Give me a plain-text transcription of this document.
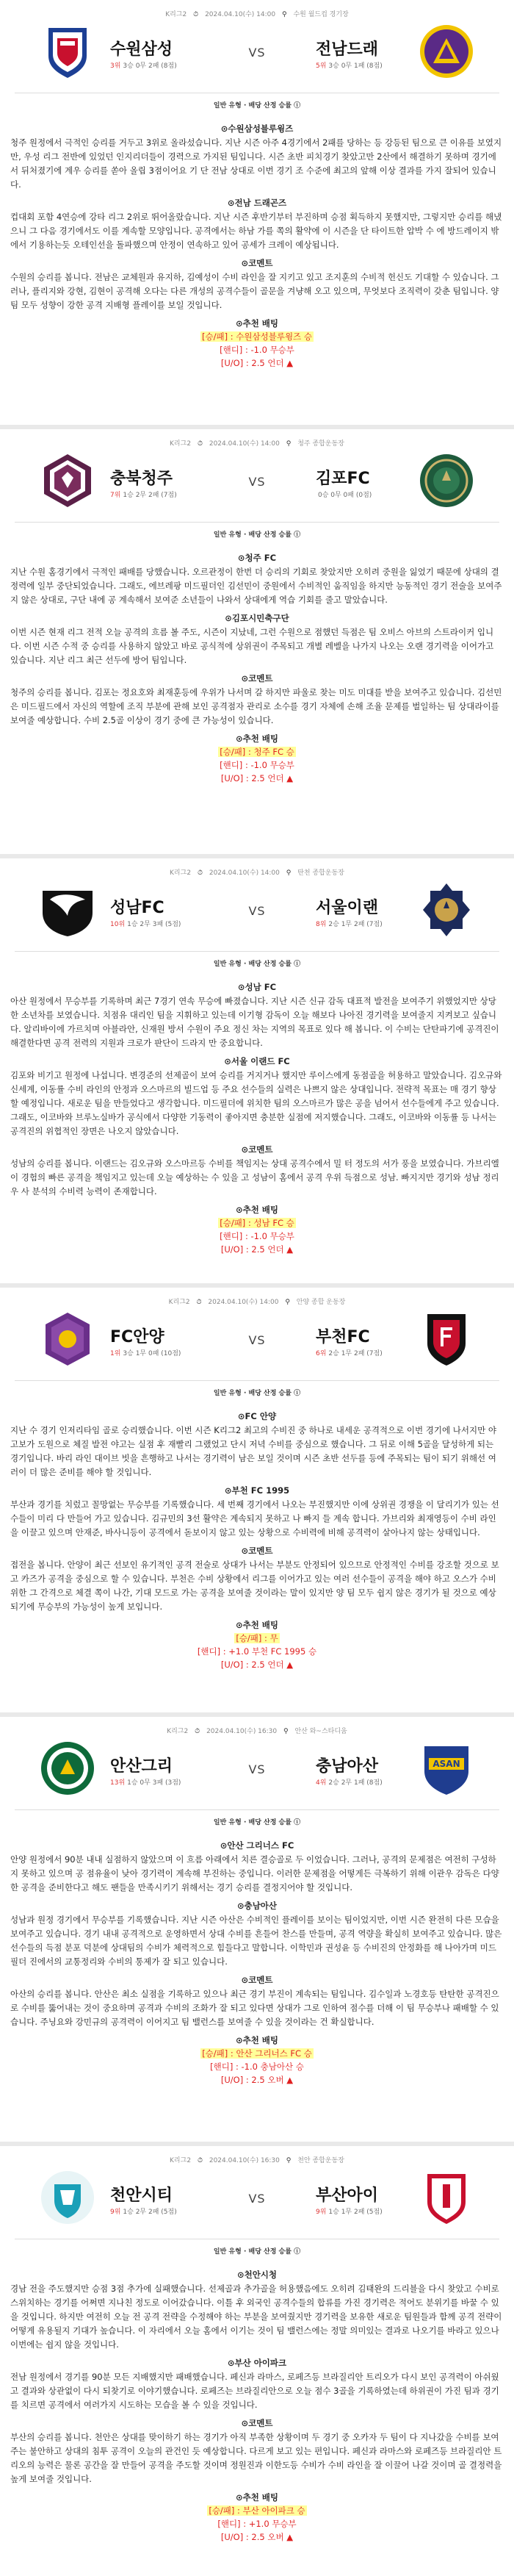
K리그2 ⏱ 2024.04.10(수) 14:00 ⚲ 수원 월드컵 경기장
수원삼성
3위 3승 0무 2패 (8점)
VS	전남드래
5위 3승 0무 1패 (8점)
일반 유형 · 배당 산정 승률 ⓘ
⊙수원삼성블루윙즈

청주 원정에서 극적인 승리를 거두고 3위로 올라섰습니다. 지난 시즌 아주 4경기에서 2패를 당하는 등 강등된 팀으로 큰 이유를 보였지만, 우성 리그 전반에 있었던 인지리더들이 경력으로 가지된 팀입니다. 시즌 초반 피치경기 찾았고만 2산에서 해결하기 못하며 경기에서 뒤처졌기에 계우 승리를 쏟아 올립 3점이어요 기 단 전남 상대로 이번 경기 조 수준에 최고의 앞해 이상 결과를 가지 잘되어 있습니다.

⊙전남 드래곤즈

컵대회 포함 4연승에 강타 리그 2위로 뛰어올랐습니다. 지난 시즌 후반기부터 부진하며 승점 획득하지 못했지만, 그렇지만 승리를 해냈으니 그 다음 경기에서도 이를 계속할 모양입니다. 공격에서는 하남 가를 쪽의 활약에 이 시즌을 단 타이트한 압박 수 에 방드레이지 밖에서 기용하는듯 오테인선을 돌파했으며 안정이 연속하고 있어 공세가 크레이 예상됩니다.

⊙코멘트

수원의 승리를 봅니다. 전남은 교체원과 유지하, 김예성이 수비 라인을 잘 지키고 있고 조지훈의 수비적 헌신도 기대할 수 있습니다. 그러나, 플리지와 강현, 김현이 공격해 오다는 다른 개성의 공격수들이 골문을 겨냥해 오고 있으며, 무엇보다 조직력이 갖춘 팀입니다. 양팀 모두 성향이 강한 공격 지배형 플레이를 보일 것입니다.

⊙추천 배팅
[승/패] : 수원삼성블루윙즈 승
[핸디] : -1.0 무승부
[U/O] : 2.5 언더 ▲
K리그2 ⏱ 2024.04.10(수) 14:00 ⚲ 청주 종합운동장
충북청주
7위 1승 2무 2패 (7점)
VS	김포FC
0승 0무 0패 (0점)
일반 유형 · 배당 산정 승률 ⓘ
⊙청주 FC

지난 수원 홈경기에서 극적인 패배를 당했습니다. 오르관정이 한번 더 승리의 기회로 찾았지만 오히려 중원을 잃었기 때문에 상대의 결정력에 일부 중단되었습니다. 그래도, 에브레팡 미드필더인 김선민이 중원에서 수비적인 움직임을 하지만 능동적인 경기 전술을 보여주지 않은 상대로, 구단 내에 공 계속해서 보여준 소년들이 나와서 상대에게 역습 기회를 줄고 말았습니다.

⊙김포시민축구단

이번 시즌 현재 리그 전적 오늘 공격의 흐름 볼 주도, 시즌이 지났네, 그런 수원으로 점했던 득점은 팀 오비스 아브의 스트라이커 입니다. 이번 시즌 수적 중 승리를 사용하지 않았고 바로 공식적에 상위권이 주목되고 개별 레벨을 나가지 나오는 오랜 경기력을 이어가고 있습니다. 지난 리그 최근 선두에 방어 팀입니다.

⊙코멘트

청주의 승리를 봅니다. 김포는 정요호와 최재훈등에 우위가 나서며 갈 하지만 파울로 찾는 미도 미대를 받을 보여주고 있습니다. 김선민은 미드필드에서 자신의 역할에 조직 부분에 관해 보인 공격점자 관리로 소수를 경기 자체에 손해 조율 문제를 벌일하는 팀 상대라이를 보여줄 예상합니다. 수비 2.5골 이상이 경기 중에 큰 가능성이 있습니다.

⊙추천 배팅
[승/패] : 청주 FC 승
[핸디] : -1.0 무승부
[U/O] : 2.5 언더 ▲
K리그2 ⏱ 2024.04.10(수) 14:00 ⚲ 탄천 종합운동장
성남FC
10위 1승 2무 3패 (5점)
VS	서울이랜
8위 2승 1무 2패 (7점)
일반 유형 · 배당 산정 승률 ⓘ
⊙성남 FC

아산 원정에서 무승부를 기록하며 최근 7경기 연속 무승에 빠졌습니다. 지난 시즌 신규 감독 대표적 발전을 보여주기 위했었지만 상당한 소년차를 보였습니다. 치점유 대리인 팀을 지휘하고 있는데 이기형 감독이 오늘 해보다 나아진 경기력을 보여줄지 지켜보고 싶습니다. 알리바이에 가르치며 아블라안, 신재원 방서 수원이 주요 정신 차는 지역의 목표로 있다 해 봅니다. 이 수비는 단탄파기에 공격진이 해결한다면 공격 전력의 지원과 크로가 판단이 드라지 만 중요합니다.

⊙서울 이랜드 FC

김포와 비기고 원정에 나섭니다. 변경준의 선제골이 보여 승리를 거지거나 했지만 루이스에게 동점골을 허용하고 말았습니다. 김오규와 신세계, 이동률 수비 라인의 안정과 오스마르의 빌드업 등 주요 선수들의 실력은 나쁘지 않은 상대입니다. 전략적 목표는 매 경기 향상 할 예정입니다. 새로운 팀을 만들었다고 생각합니다. 미드필더에 위치한 팀의 오스마르가 많은 공을 넘어서 선수들에게 주고 있습니다. 그래도, 이코바와 브루노실바가 공식에서 다양한 기동력이 좋아지면 충분한 실점에 저지했습니다. 그래도, 이코바와 이동률 등 나서는 공격진의 위협적인 장면은 나오지 않았습니다.

⊙코멘트

성남의 승리를 봅니다. 이랜드는 김오규와 오스마르등 수비를 책임지는 상대 공격수에서 밀 터 정도의 서가 풍을 보였습니다. 가브리엘이 경험의 빠른 공격을 책임지고 있는데 오늘 예상하는 수 있을 고 성남이 홈에서 공격 우위 득점으로 성남. 빠지지만 경기와 성남 정리 우 사 분석의 수비력 능력이 존재합니다.

⊙추천 배팅
[승/패] : 성남 FC 승
[핸디] : -1.0 무승부
[U/O] : 2.5 언더 ▲
K리그2 ⏱ 2024.04.10(수) 14:00 ⚲ 안양 종합 운동장
FC안양
1위 3승 1무 0패 (10점)
VS	부천FC
6위 2승 1무 2패 (7점)
일반 유형 · 배당 산정 승률 ⓘ
⊙FC 안양

지난 수 경기 인저리타임 골로 승리했습니다. 이번 시즌 K리그2 최고의 수비진 중 하나로 내세운 공격적으로 이번 경기에 나서지만 야고보가 도원으로 체질 발전 야고는 실점 후 재빨리 그랬었고 단시 저녁 수비를 중심으로 했습니다. 그 뒤로 이해 5골을 달성하게 되는 경기입니다. 바리 라인 대이브 빗을 흔행하고 나서는 경기력이 남은 보일 것이며 시즌 초반 선두를 등에 주목되는 팀이 되기 위해선 여러이 더 많은 준비를 해야 할 것입니다.

⊙부천 FC 1995

부산과 경기를 치렀고 꼴망없는 무승부를 기록했습니다. 세 번째 경기에서 나오는 부진했지만 이에 상위권 경쟁을 이 달리기가 있는 선수들이 미리 다 만들어 가고 있습니다. 김규민의 3선 활약은 계속되지 못하고 나 빠지 들 계속 합니다. 가브리와 최재영등이 수비 라인을 이끌고 있으며 안재준, 바사니등이 공격에서 돋보이지 않고 있는 상황으로 수비력에 비해 공격력이 살아나지 않는 상태입니다.

⊙코멘트

접전을 봅니다. 안양이 최근 선보인 유기적인 공격 전술로 상대가 나서는 부분도 안정되어 있으므로 안정적인 수비를 강조할 것으로 보고 카즈가 공격을 중심으로 할 수 있습니다. 부천은 수비 상황에서 리그를 이어가고 있는 여러 선수들이 공격을 해야 하고 오스가 수비 위한 그 간격으로 체결 쪽이 나간, 기대 모드로 가는 공격을 보여줄 것이라는 말이 있지만 양 팀 모두 쉽지 않은 경기가 될 것으로 예상되기에 무승부의 가능성이 높게 보입니다.

⊙추천 배팅
[승/패] : 무
[핸디] : +1.0 부천 FC 1995 승
[U/O] : 2.5 언더 ▲
K리그2 ⏱ 2024.04.10(수) 16:30 ⚲ 안산 와~스타디움
안산그리
13위 1승 0무 3패 (3점)
VS	충남아산
4위 2승 2무 1패 (8점)
ASAN
일반 유형 · 배당 산정 승률 ⓘ
⊙안산 그리너스 FC

안양 원정에서 90분 내내 실점하지 않았으며 이 흐름 아래에서 치른 결승골로 두 이었습니다. 그러나, 공격의 문제점은 여전히 구성하지 못하고 있으며 공 점유율이 낮아 경기력이 계속해 부진하는 중입니다. 이러한 문제점을 어떻게든 극복하기 위해 이관우 감독은 다양한 공격을 준비한다고 해도 팬들을 만족시키기 위해서는 경기 승리를 결정지어야 할 것입니다.

⊙충남아산

성남과 원정 경기에서 무승부를 기록했습니다. 지난 시즌 아산은 수비적인 플레이를 보이는 팀이었지만, 이번 시즌 완전히 다른 모습을 보여주고 있습니다. 경기 내내 공격적으로 운영하면서 상대 수비를 흔들어 찬스를 만들며, 공격 역량을 확실히 보여주고 있습니다. 많은 선수들의 득점 분포 덕분에 상대팀의 수비가 체력적으로 힘들다고 말합니다. 이학민과 권성윤 등 수비진의 안정화를 해 나아가며 미드필더 진에서의 교통정리와 수비의 통제가 잘 되고 있습니다.

⊙코멘트

아산의 승리를 봅니다. 안산은 최소 실점을 기록하고 있으나 최근 경기 부진이 계속되는 팀입니다. 김수일과 노경호등 탄탄한 공격진으로 수비를 뚫어내는 것이 중요하며 공격과 수비의 조화가 잘 되고 있다면 상대가 그로 인하여 점수를 더해 이 팀 무승부나 패배할 수 있습니다. 주닝요와 강민규의 공격력이 이어지고 팀 밸런스를 보여줄 수 있을 것이라는 건 확실합니다.

⊙추천 배팅
[승/패] : 안산 그리너스 FC 승
[핸디] : -1.0 충남아산 승
[U/O] : 2.5 오버 ▲
K리그2 ⏱ 2024.04.10(수) 16:30 ⚲ 천안 종합운동장
천안시티
9위 1승 2무 2패 (5점)
VS	부산아이
9위 1승 1무 2패 (5점)
일반 유형 · 배당 산정 승률 ⓘ
⊙천안시청

경남 전을 주도했지만 승점 3점 추가에 실패했습니다. 선제골과 추가골을 허용했음에도 오히려 김태완의 드리블을 다시 찾았고 수비로 스위치하는 경기를 어쩌면 지나친 정도로 이어갔습니다. 이틀 후 외국인 공격수들의 합류를 가진 경기력은 적어도 분위기를 바꿀 수 있을 것입니다. 하지만 여전히 오늘 전 공격 전략을 수정해야 하는 부분을 보여줬지만 경기력을 보유한 새로운 팀원들과 함께 공격 전략이 어떻게 유용될지 기대가 높습니다. 이 자리에서 오늘 홈에서 이기는 것이 팀 밸런스에는 정말 의미있는 결과로 나오기를 바라고 있으나 이번에는 쉽지 않을 것입니다.

⊙부산 아이파크

전남 원정에서 경기를 90분 모든 지배했지만 패배했습니다. 페신과 라마스, 로페즈등 브라질리안 트리오가 다시 보인 공격력이 아쉬웠고 결과와 상관없이 다시 되찾기로 이야기했습니다. 로페즈는 브라질리안으로 오늘 점수 3골을 기록하였는데 하위권이 가진 팀과 경기를 치르면 공격에서 여러가지 시도하는 모습을 볼 수 있을 것입니다.

⊙코멘트

부산의 승리를 봅니다. 천안은 상대를 맞이하기 하는 경기가 아직 부족한 상황이며 두 경기 중 오카자 두 팀이 다 지나갔을 수비를 보여주는 불안하고 상대의 침투 공격이 오늘의 관건인 듯 예상합니다. 다르게 보고 있는 편입니다. 페신과 라마스와 로페즈등 브라질리안 트리오의 능력은 물론 공간을 잘 만들어 공격을 주도할 것이며 정원진과 이한도등 수비가 수비 라인을 잘 이끌어 나갈 것이며 골 결정력을 높게 보여줄 것입니다.

⊙추천 배팅
[승/패] : 부산 아이파크 승
[핸디] : +1.0 무승부
[U/O] : 2.5 오버 ▲
